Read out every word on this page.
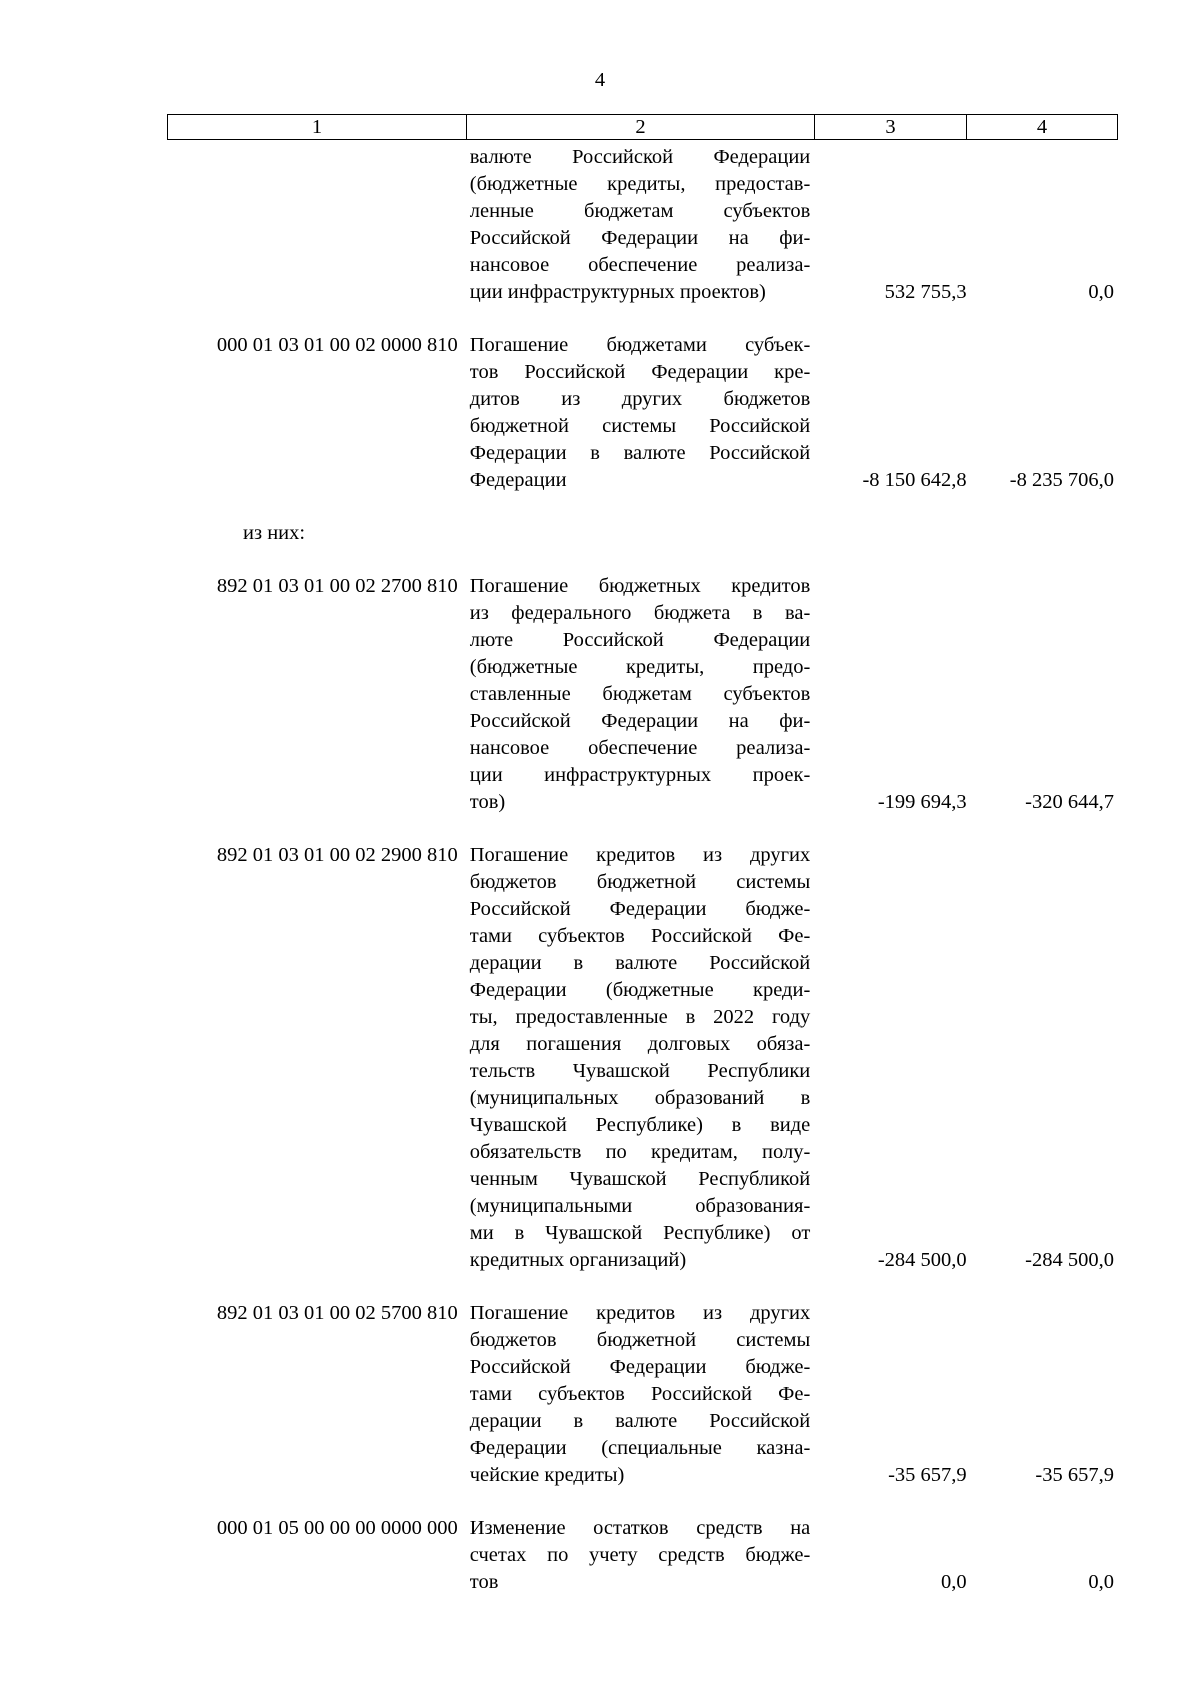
4
1	2	3	4
валюте Российской Федерации
(бюджетные кредиты, предостав-
ленные бюджетам субъектов
Российской Федерации на фи-
нансовое обеспечение реализа-
ции инфраструктурных проектов)	532 755,3	0,0
000 01 03 01 00 02 0000 810 Погашение бюджетами субъек-
тов Российской Федерации кре-
дитов из других бюджетов
бюджетной системы Российской
Федерации в валюте Российской
Федерации	-8 150 642,8	-8 235 706,0
из них:
892 01 03 01 00 02 2700 810 Погашение бюджетных кредитов
из федерального бюджета в ва-
люте Российской Федерации
(бюджетные кредиты, предо-
ставленные бюджетам субъектов
Российской Федерации на фи-
нансовое обеспечение реализа-
ции инфраструктурных проек-
тов)	-199 694,3	-320 644,7
892 01 03 01 00 02 2900 810 Погашение кредитов из других
бюджетов бюджетной системы
Российской Федерации бюдже-
тами субъектов Российской Фе-
дерации в валюте Российской
Федерации (бюджетные креди-
ты, предоставленные в 2022 году
для погашения долговых обяза-
тельств Чувашской Республики
(муниципальных образований в
Чувашской Республике) в виде
обязательств по кредитам, полу-
ченным Чувашской Республикой
(муниципальными образования-
ми в Чувашской Республике) от
кредитных организаций)	-284 500,0	-284 500,0
892 01 03 01 00 02 5700 810 Погашение кредитов из других
бюджетов бюджетной системы
Российской Федерации бюдже-
тами субъектов Российской Фе-
дерации в валюте Российской
Федерации (специальные казна-
чейские кредиты)	-35 657,9	-35 657,9
000 01 05 00 00 00 0000 000 Изменение остатков средств на
счетах по учету средств бюдже-
тов	0,0	0,0
